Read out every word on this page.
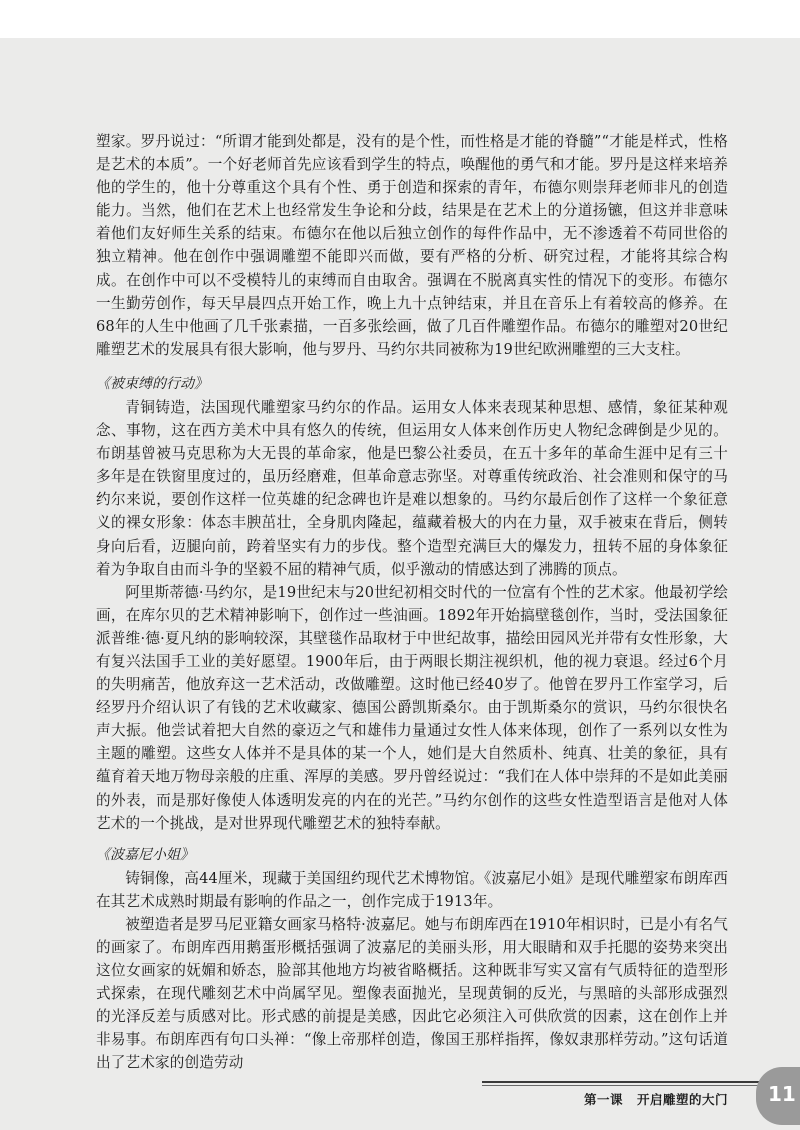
塑家。罗丹说过：“所谓才能到处都是，没有的是个性，而性格是才能的脊髓”“才能是样式，性格是艺术的本质”。一个好老师首先应该看到学生的特点，唤醒他的勇气和才能。罗丹是这样来培养他的学生的，他十分尊重这个具有个性、勇于创造和探索的青年，布德尔则崇拜老师非凡的创造能力。当然，他们在艺术上也经常发生争论和分歧，结果是在艺术上的分道扬镳，但这并非意味着他们友好师生关系的结束。布德尔在他以后独立创作的每件作品中，无不渗透着不苟同世俗的独立精神。他在创作中强调雕塑不能即兴而做，要有严格的分析、研究过程，才能将其综合构成。在创作中可以不受模特儿的束缚而自由取舍。强调在不脱离真实性的情况下的变形。布德尔一生勤劳创作，每天早晨四点开始工作，晚上九十点钟结束，并且在音乐上有着较高的修养。在68年的人生中他画了几千张素描，一百多张绘画，做了几百件雕塑作品。布德尔的雕塑对20世纪雕塑艺术的发展具有很大影响，他与罗丹、马约尔共同被称为19世纪欧洲雕塑的三大支柱。

《被束缚的行动》

青铜铸造，法国现代雕塑家马约尔的作品。运用女人体来表现某种思想、感情，象征某种观念、事物，这在西方美术中具有悠久的传统，但运用女人体来创作历史人物纪念碑倒是少见的。布朗基曾被马克思称为大无畏的革命家，他是巴黎公社委员，在五十多年的革命生涯中足有三十多年是在铁窗里度过的，虽历经磨难，但革命意志弥坚。对尊重传统政治、社会准则和保守的马约尔来说，要创作这样一位英雄的纪念碑也许是难以想象的。马约尔最后创作了这样一个象征意义的裸女形象：体态丰腴茁壮，全身肌肉隆起，蕴藏着极大的内在力量，双手被束在背后，侧转身向后看，迈腿向前，跨着坚实有力的步伐。整个造型充满巨大的爆发力，扭转不屈的身体象征着为争取自由而斗争的坚毅不屈的精神气质，似乎激动的情感达到了沸腾的顶点。

阿里斯蒂德·马约尔，是19世纪末与20世纪初相交时代的一位富有个性的艺术家。他最初学绘画，在库尔贝的艺术精神影响下，创作过一些油画。1892年开始搞壁毯创作，当时，受法国象征派普维·德·夏凡纳的影响较深，其壁毯作品取材于中世纪故事，描绘田园风光并带有女性形象，大有复兴法国手工业的美好愿望。1900年后，由于两眼长期注视织机，他的视力衰退。经过6个月的失明痛苦，他放弃这一艺术活动，改做雕塑。这时他已经40岁了。他曾在罗丹工作室学习，后经罗丹介绍认识了有钱的艺术收藏家、德国公爵凯斯桑尔。由于凯斯桑尔的赏识，马约尔很快名声大振。他尝试着把大自然的豪迈之气和雄伟力量通过女性人体来体现，创作了一系列以女性为主题的雕塑。这些女人体并不是具体的某一个人，她们是大自然质朴、纯真、壮美的象征，具有蕴育着天地万物母亲般的庄重、浑厚的美感。罗丹曾经说过：“我们在人体中崇拜的不是如此美丽的外表，而是那好像使人体透明发亮的内在的光芒。”马约尔创作的这些女性造型语言是他对人体艺术的一个挑战，是对世界现代雕塑艺术的独特奉献。

《波嘉尼小姐》

铸铜像，高44厘米，现藏于美国纽约现代艺术博物馆。《波嘉尼小姐》是现代雕塑家布朗库西在其艺术成熟时期最有影响的作品之一，创作完成于1913年。

被塑造者是罗马尼亚籍女画家马格特·波嘉尼。她与布朗库西在1910年相识时，已是小有名气的画家了。布朗库西用鹅蛋形概括强调了波嘉尼的美丽头形，用大眼睛和双手托腮的姿势来突出这位女画家的妩媚和娇态，脸部其他地方均被省略概括。这种既非写实又富有气质特征的造型形式探索，在现代雕刻艺术中尚属罕见。塑像表面抛光，呈现黄铜的反光，与黑暗的头部形成强烈的光泽反差与质感对比。形式感的前提是美感，因此它必须注入可供欣赏的因素，这在创作上并非易事。布朗库西有句口头禅：“像上帝那样创造，像国王那样指挥，像奴隶那样劳动。”这句话道出了艺术家的创造劳动

第一课 开启雕塑的大门 11
